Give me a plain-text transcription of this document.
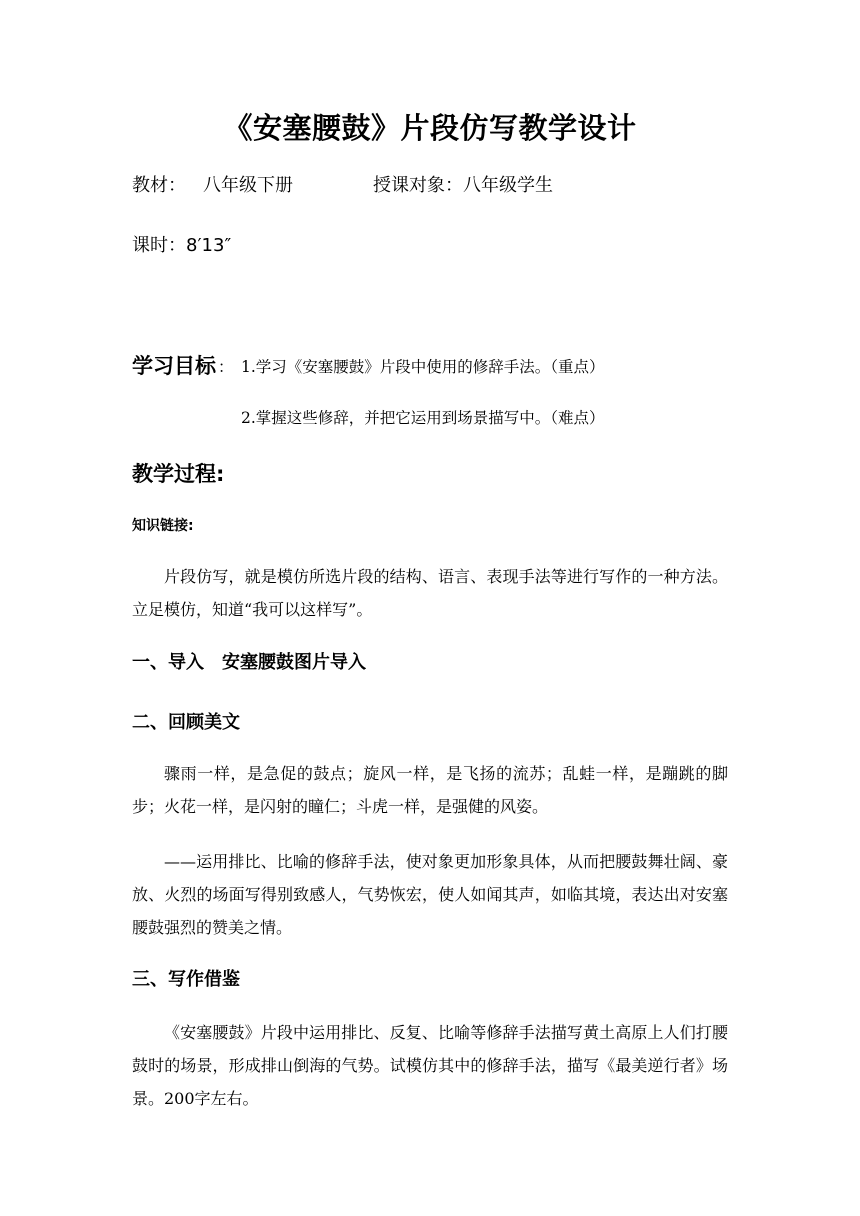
《安塞腰鼓》片段仿写教学设计
教材： 八年级下册	授课对象： 八年级学生
课时： 8′13″
学习目标 ： 1.学习《安塞腰鼓》片段中使用的修辞手法。（重点）
2.掌握这些修辞，并把它运用到场景描写中。（难点）
教学过程:
知识链接:
片段仿写，就是模仿所选片段的结构、语言、表现手法等进行写作的一种方法。立足模仿，知道“我可以这样写”。
一、导入　安塞腰鼓图片导入
二、回顾美文
骤雨一样，是急促的鼓点；旋风一样，是飞扬的流苏；乱蛙一样，是蹦跳的脚步；火花一样，是闪射的瞳仁；斗虎一样，是强健的风姿。
——运用排比、比喻的修辞手法，使对象更加形象具体，从而把腰鼓舞壮阔、豪放、火烈的场面写得别致感人，气势恢宏，使人如闻其声，如临其境，表达出对安塞腰鼓强烈的赞美之情。
三、写作借鉴
《安塞腰鼓》片段中运用排比、反复、比喻等修辞手法描写黄土高原上人们打腰鼓时的场景，形成排山倒海的气势。试模仿其中的修辞手法，描写《最美逆行者》场景。200字左右。
